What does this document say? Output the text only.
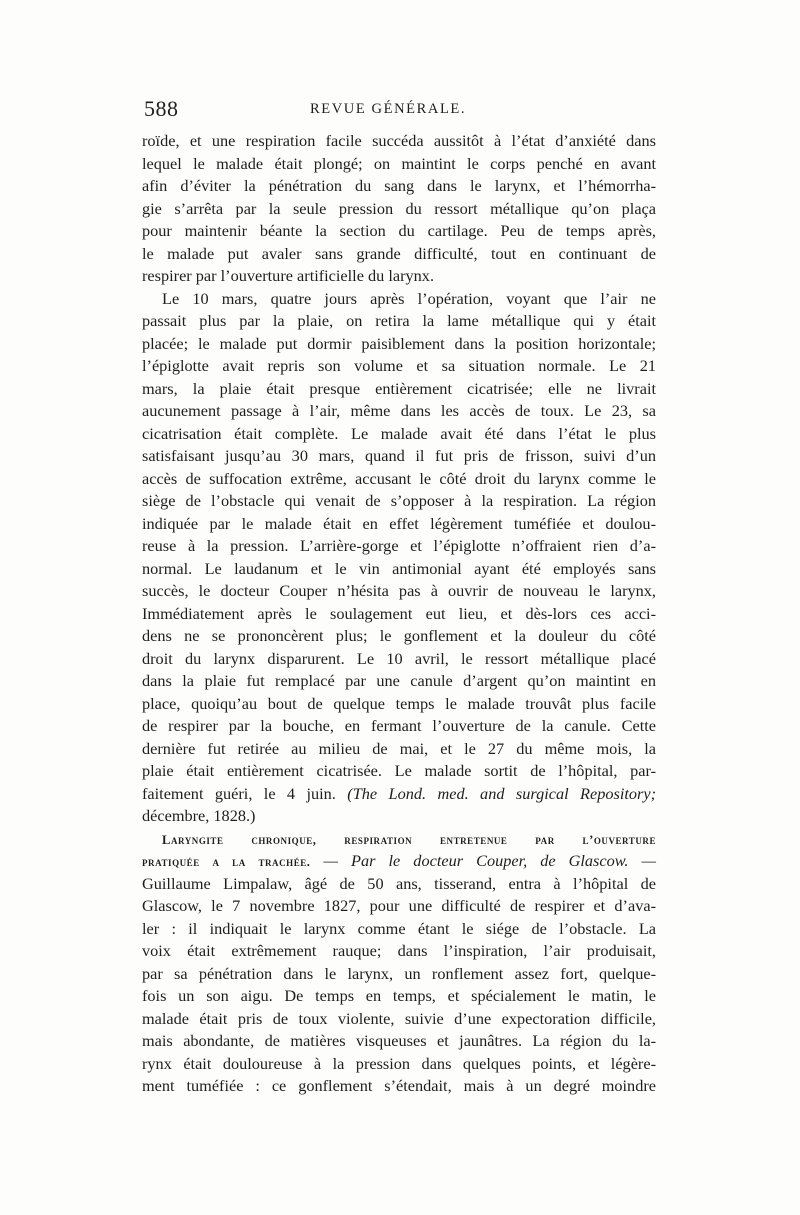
588	REVUE GÉNÉRALE.
roïde, et une respiration facile succéda aussitôt à l’état d’anxiété dans
lequel le malade était plongé; on maintint le corps penché en avant
afin d’éviter la pénétration du sang dans le larynx, et l’hémorrha-
gie s’arrêta par la seule pression du ressort métallique qu’on plaça
pour maintenir béante la section du cartilage. Peu de temps après,
le malade put avaler sans grande difficulté, tout en continuant de
respirer par l’ouverture artificielle du larynx.
Le 10 mars, quatre jours après l’opération, voyant que l’air ne
passait plus par la plaie, on retira la lame métallique qui y était
placée; le malade put dormir paisiblement dans la position horizontale;
l’épiglotte avait repris son volume et sa situation normale. Le 21
mars, la plaie était presque entièrement cicatrisée; elle ne livrait
aucunement passage à l’air, même dans les accès de toux. Le 23, sa
cicatrisation était complète. Le malade avait été dans l’état le plus
satisfaisant jusqu’au 30 mars, quand il fut pris de frisson, suivi d’un
accès de suffocation extrême, accusant le côté droit du larynx comme le
siège de l’obstacle qui venait de s’opposer à la respiration. La région
indiquée par le malade était en effet légèrement tuméfiée et doulou-
reuse à la pression. L’arrière-gorge et l’épiglotte n’offraient rien d’a-
normal. Le laudanum et le vin antimonial ayant été employés sans
succès, le docteur Couper n’hésita pas à ouvrir de nouveau le larynx,
Immédiatement après le soulagement eut lieu, et dès-lors ces acci-
dens ne se prononcèrent plus; le gonflement et la douleur du côté
droit du larynx disparurent. Le 10 avril, le ressort métallique placé
dans la plaie fut remplacé par une canule d’argent qu’on maintint en
place, quoiqu’au bout de quelque temps le malade trouvât plus facile
de respirer par la bouche, en fermant l’ouverture de la canule. Cette
dernière fut retirée au milieu de mai, et le 27 du même mois, la
plaie était entièrement cicatrisée. Le malade sortit de l’hôpital, par-
faitement guéri, le 4 juin. (The Lond. med. and surgical Repository;
décembre, 1828.)
Laryngite chronique, respiration entretenue par l’ouverture
pratiquée a la trachée. — Par le docteur Couper, de Glascow. —
Guillaume Limpalaw, âgé de 50 ans, tisserand, entra à l’hôpital de
Glascow, le 7 novembre 1827, pour une difficulté de respirer et d’ava-
ler : il indiquait le larynx comme étant le siége de l’obstacle. La
voix était extrêmement rauque; dans l’inspiration, l’air produisait,
par sa pénétration dans le larynx, un ronflement assez fort, quelque-
fois un son aigu. De temps en temps, et spécialement le matin, le
malade était pris de toux violente, suivie d’une expectoration difficile,
mais abondante, de matières visqueuses et jaunâtres. La région du la-
rynx était douloureuse à la pression dans quelques points, et légère-
ment tuméfiée : ce gonflement s’étendait, mais à un degré moindre
